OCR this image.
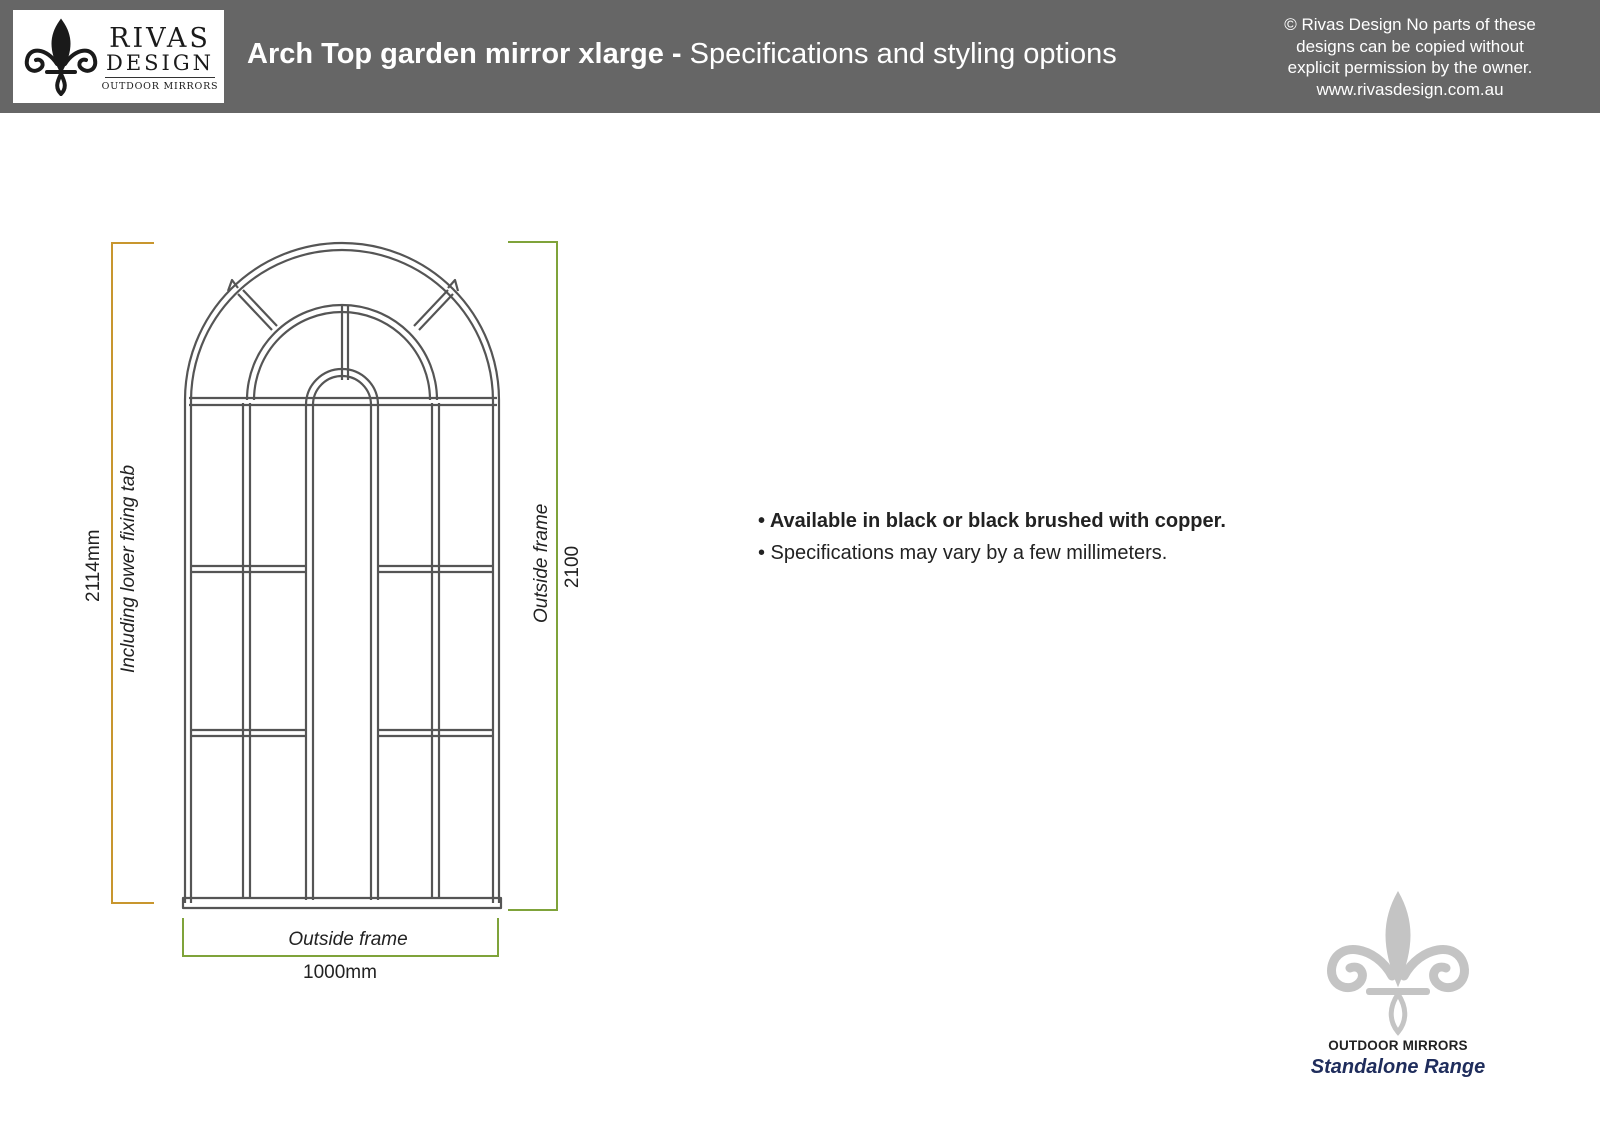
RIVAS
DESIGN
OUTDOOR MIRRORS
Arch Top garden mirror xlarge - Specifications and styling options
© Rivas Design No parts of these
designs can be copied without
explicit permission by the owner.
www.rivasdesign.com.au
2114mm Including lower fixing tab	Outside frame 2100
Outside frame
1000mm
• Available in black or black brushed with copper.
• Specifications may vary by a few millimeters.
OUTDOOR MIRRORS
Standalone Range
